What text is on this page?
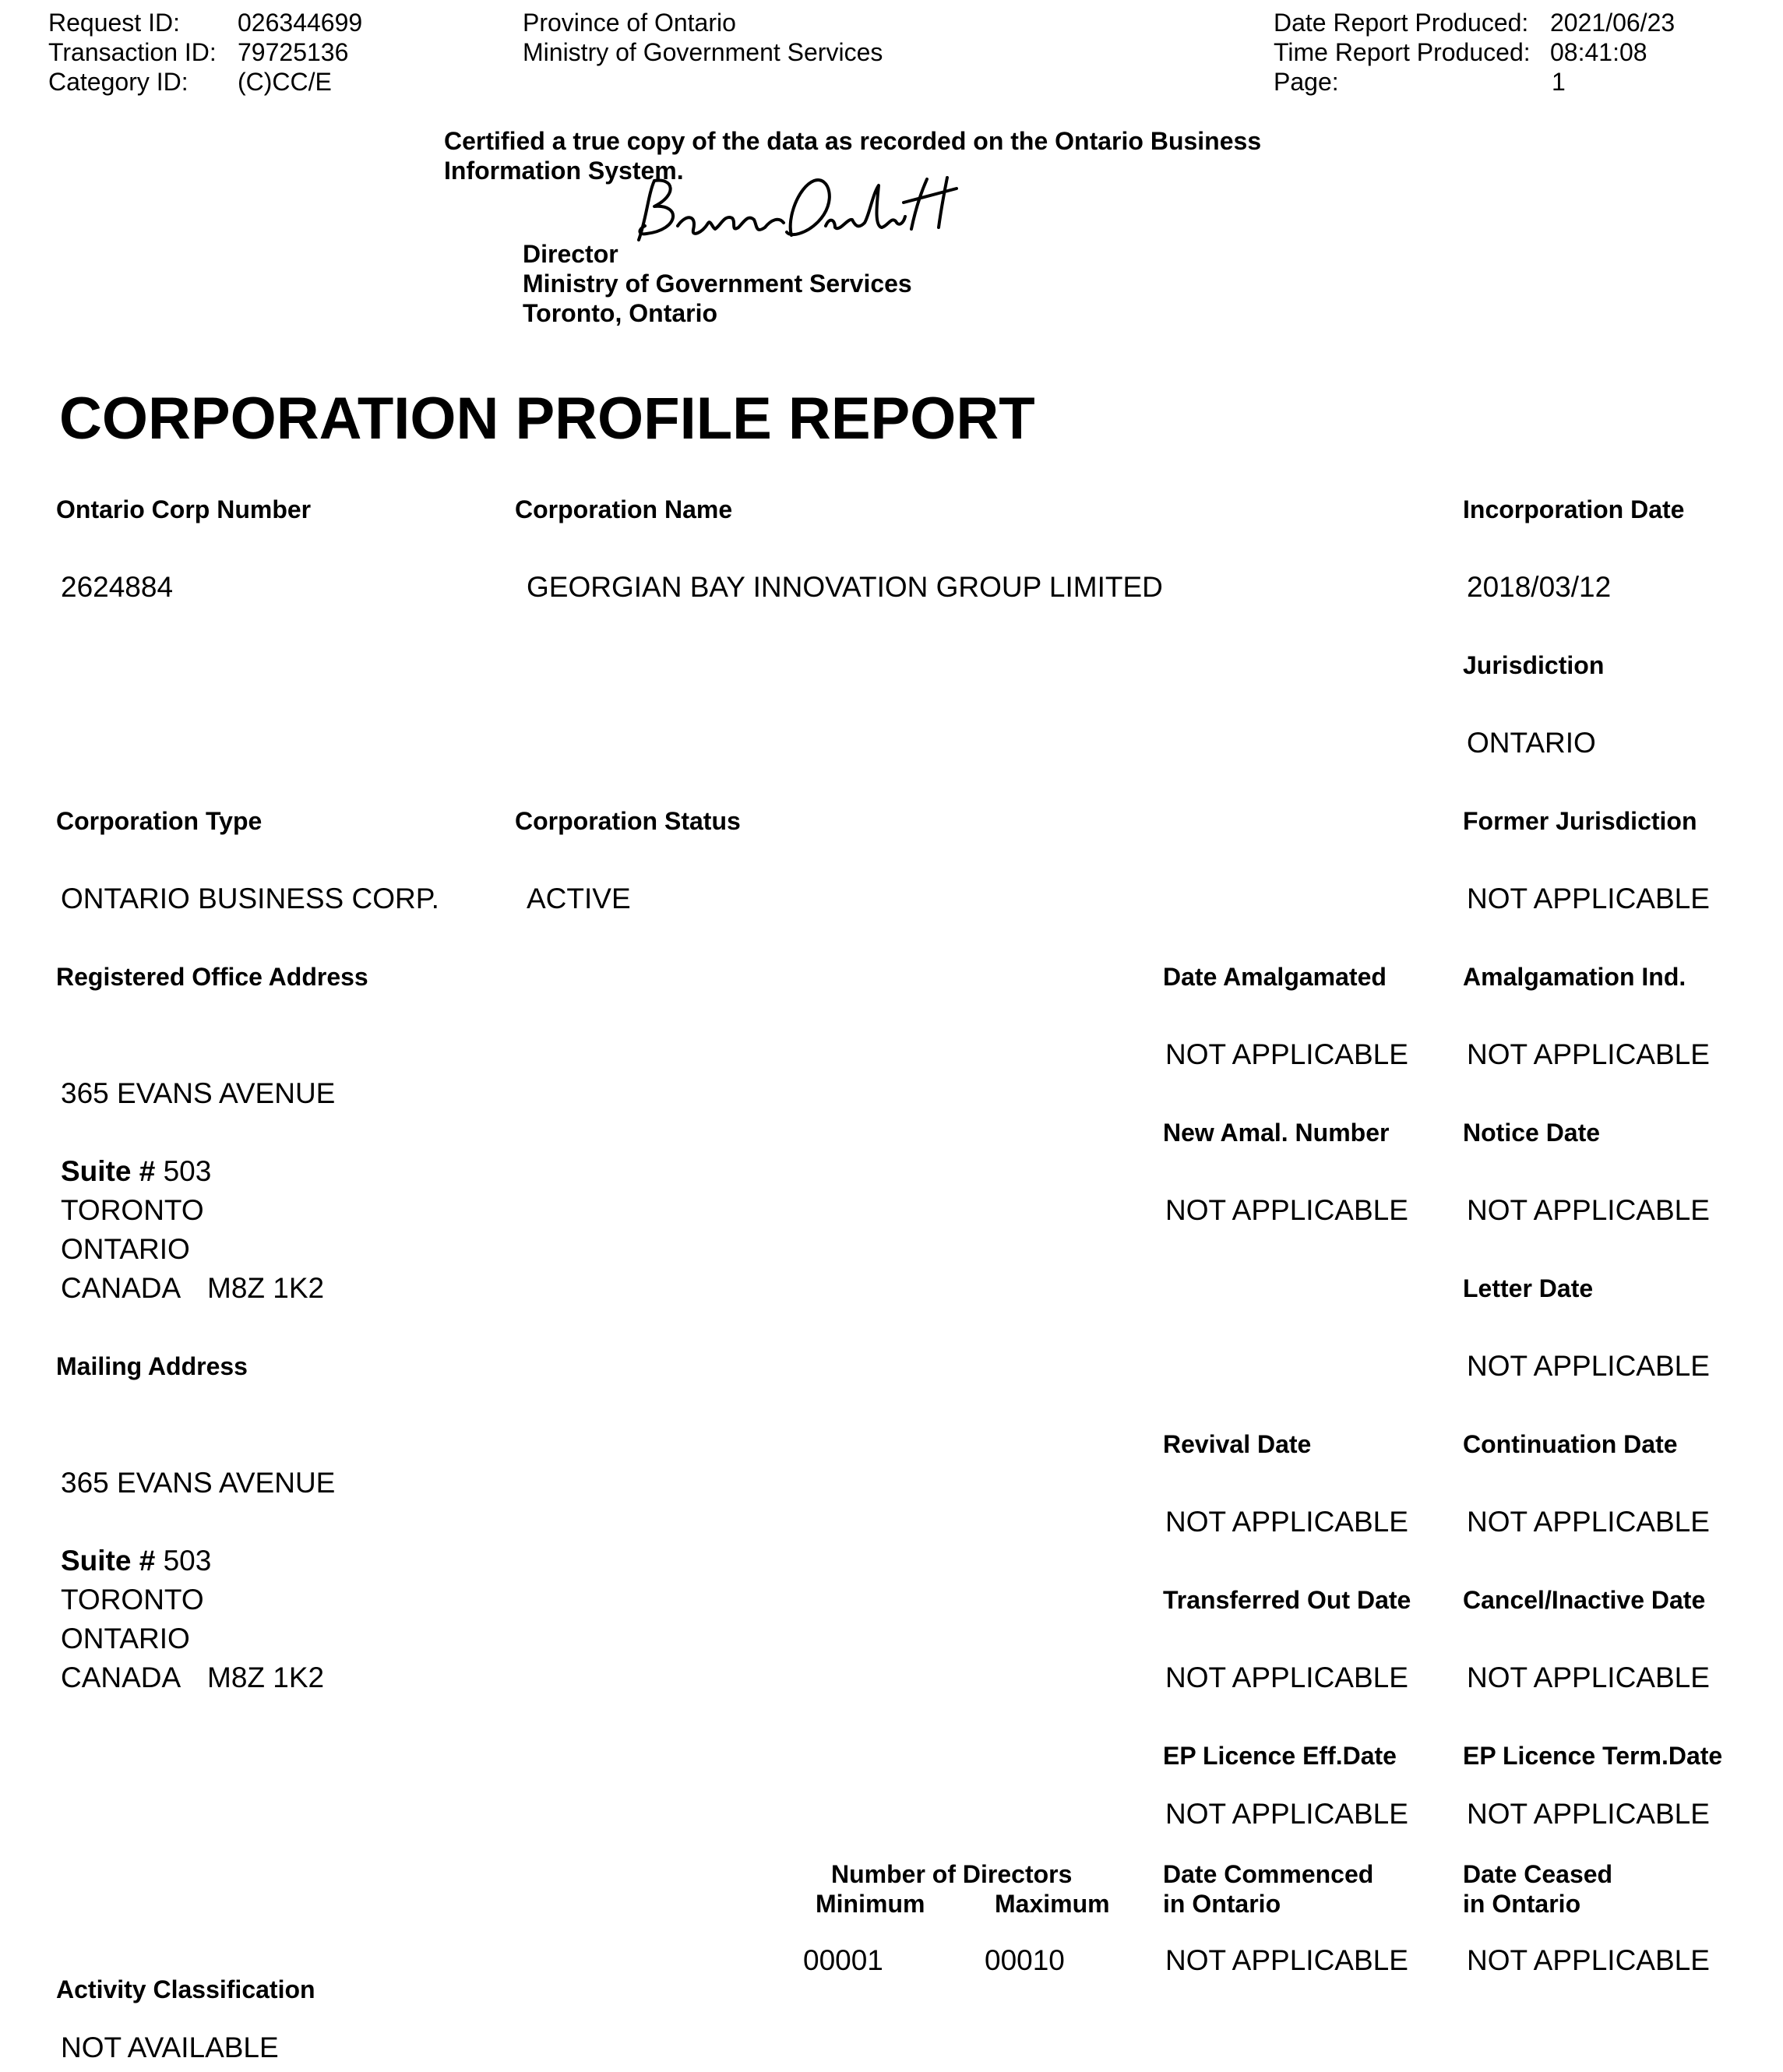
Request ID: 026344699
Transaction ID: 79725136
Category ID: (C)CC/E
Province of Ontario
Ministry of Government Services
Date Report Produced: 2021/06/23
Time Report Produced: 08:41:08
Page:	1
Certified a true copy of the data as recorded on the Ontario Business Information System.
Director
Ministry of Government Services
Toronto, Ontario
CORPORATION PROFILE REPORT
Ontario Corp Number
2624884
Corporation Name
GEORGIAN BAY INNOVATION GROUP LIMITED
Incorporation Date
2018/03/12
Jurisdiction
ONTARIO
Corporation Type
ONTARIO BUSINESS CORP.
Corporation Status
ACTIVE
Former Jurisdiction
NOT APPLICABLE
Registered Office Address
365 EVANS AVENUE
Suite # 503
TORONTO
ONTARIO
CANADA M8Z 1K2
Mailing Address
365 EVANS AVENUE
Suite # 503
TORONTO
ONTARIO
CANADA M8Z 1K2
Date Amalgamated
NOT APPLICABLE
Amalgamation Ind.
NOT APPLICABLE
New Amal. Number
NOT APPLICABLE
Notice Date
NOT APPLICABLE
Letter Date
NOT APPLICABLE
Revival Date
NOT APPLICABLE
Continuation Date
NOT APPLICABLE
Transferred Out Date
NOT APPLICABLE
Cancel/Inactive Date
NOT APPLICABLE
EP Licence Eff.Date
NOT APPLICABLE
EP Licence Term.Date
NOT APPLICABLE
Number of Directors
Minimum	Maximum
00001	00010
Date Commenced
in Ontario
NOT APPLICABLE
Date Ceased
in Ontario
NOT APPLICABLE
Activity Classification
NOT AVAILABLE
